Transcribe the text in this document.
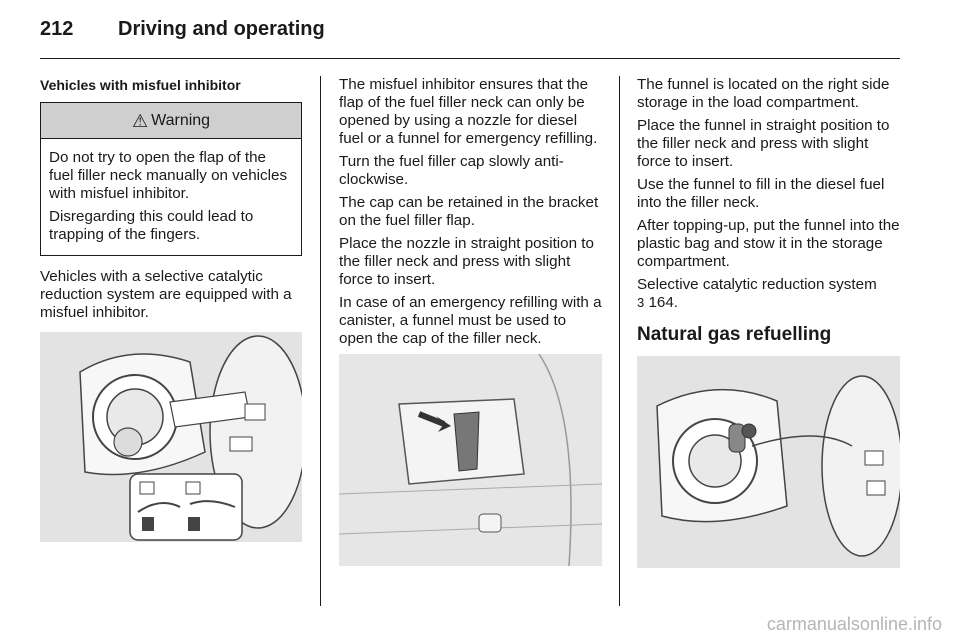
212	Driving and operating
Vehicles with misfuel inhibitor
⚠ Warning
Do not try to open the flap of the fuel filler neck manually on vehicles with misfuel inhibitor.
Disregarding this could lead to trapping of the fingers.
Vehicles with a selective catalytic reduction system are equipped with a misfuel inhibitor.
The misfuel inhibitor ensures that the flap of the fuel filler neck can only be opened by using a nozzle for diesel fuel or a funnel for emergency refilling.
Turn the fuel filler cap slowly anti-clockwise.
The cap can be retained in the bracket on the fuel filler flap.
Place the nozzle in straight position to the filler neck and press with slight force to insert.
In case of an emergency refilling with a canister, a funnel must be used to open the cap of the filler neck.
The funnel is located on the right side storage in the load compartment.
Place the funnel in straight position to the filler neck and press with slight force to insert.
Use the funnel to fill in the diesel fuel into the filler neck.
After topping-up, put the funnel into the plastic bag and stow it in the storage compartment.
Selective catalytic reduction system
3 164.
Natural gas refuelling
carmanualsonline.info
